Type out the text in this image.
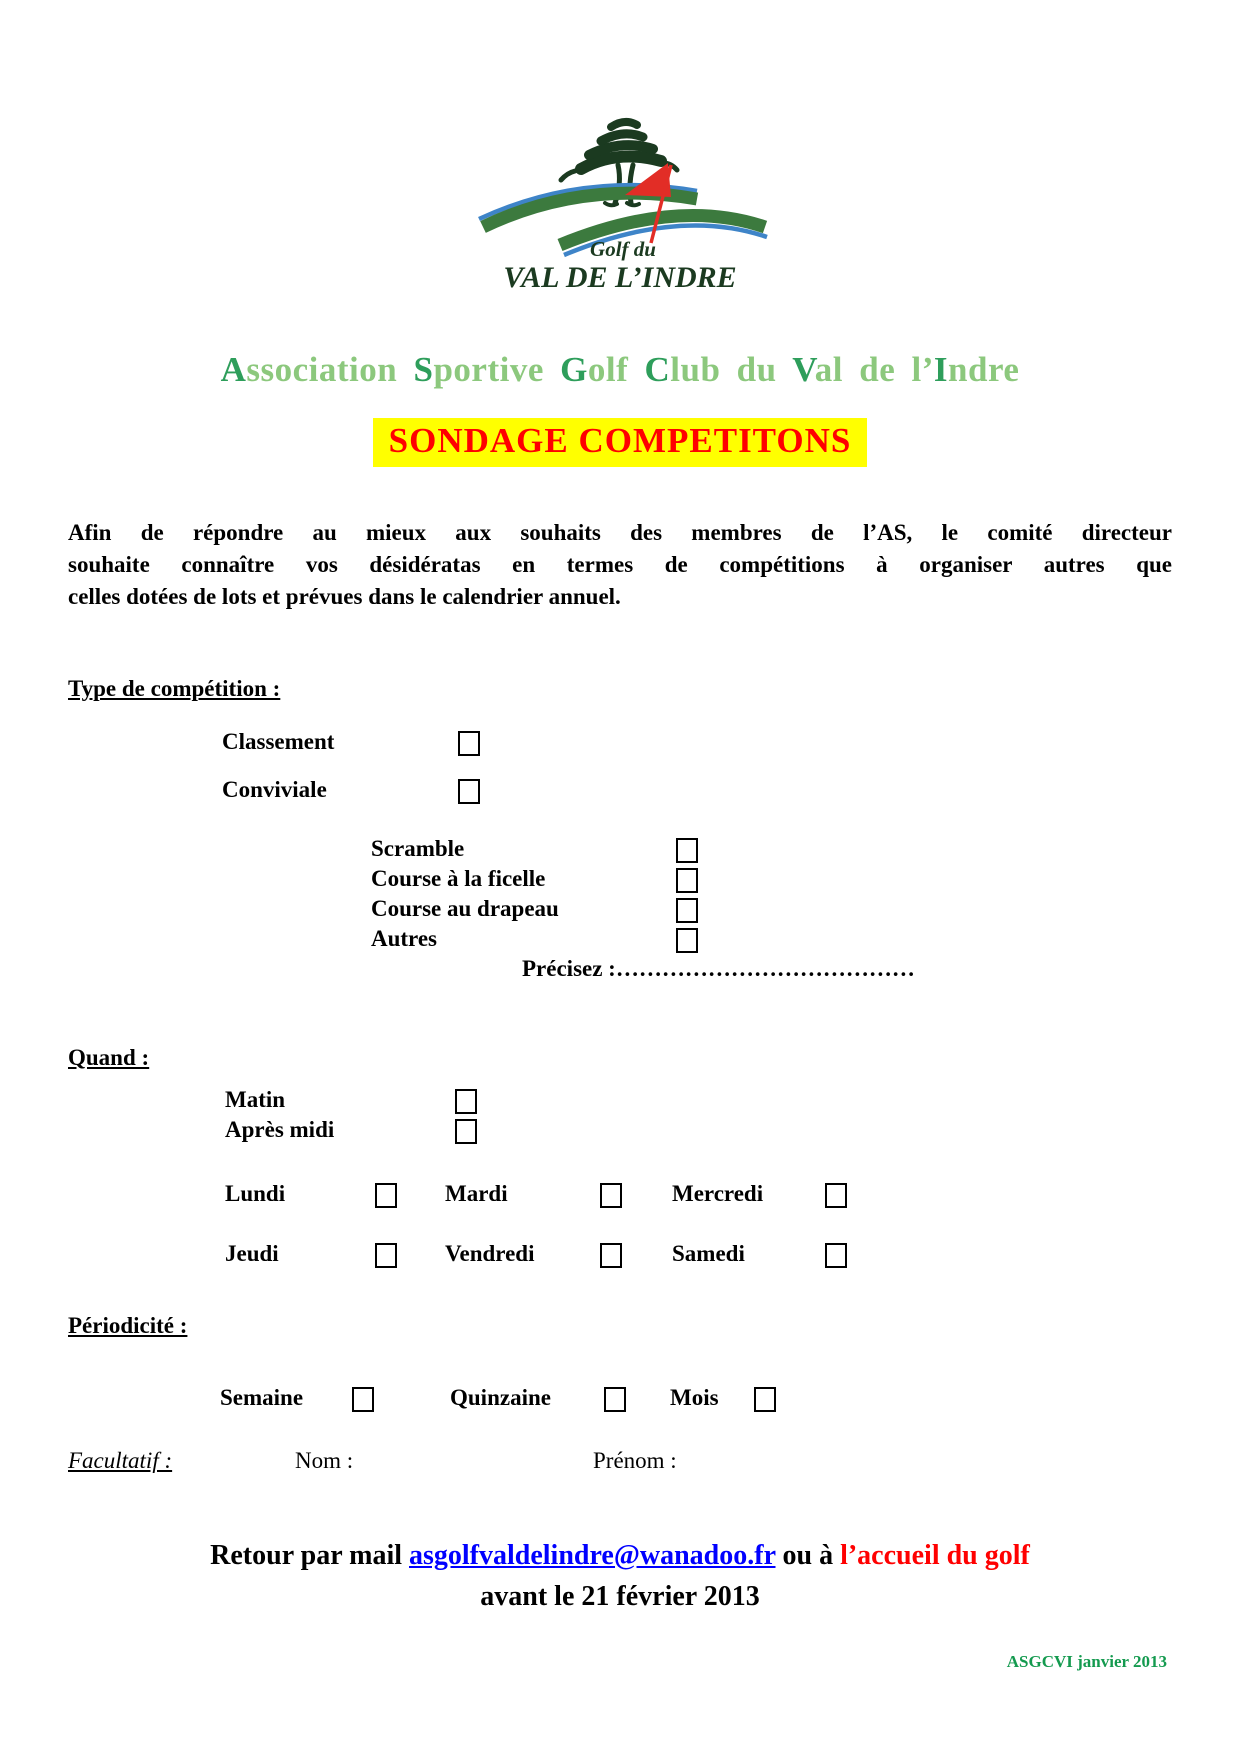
Golf du
VAL DE L’INDRE
Association Sportive Golf Club du Val de l’Indre
SONDAGE COMPETITONS
Afin de répondre au mieux aux souhaits des membres de l’AS, le comité directeur
souhaite connaître vos désidératas en termes de compétitions à organiser autres que
celles dotées de lots et prévues dans le calendrier annuel.
Type de compétition :
Classement
Conviviale
Scramble
Course à la ficelle
Course au drapeau
Autres
Précisez :…………………………………
Quand :
Matin
Après midi
Lundi	Mardi	Mercredi
Jeudi	Vendredi	Samedi
Périodicité :
Semaine	Quinzaine	Mois
Facultatif :	Nom :	Prénom :
Retour par mail asgolfvaldelindre@wanadoo.fr ou à l’accueil du golf
avant le 21 février 2013
ASGCVI janvier 2013
